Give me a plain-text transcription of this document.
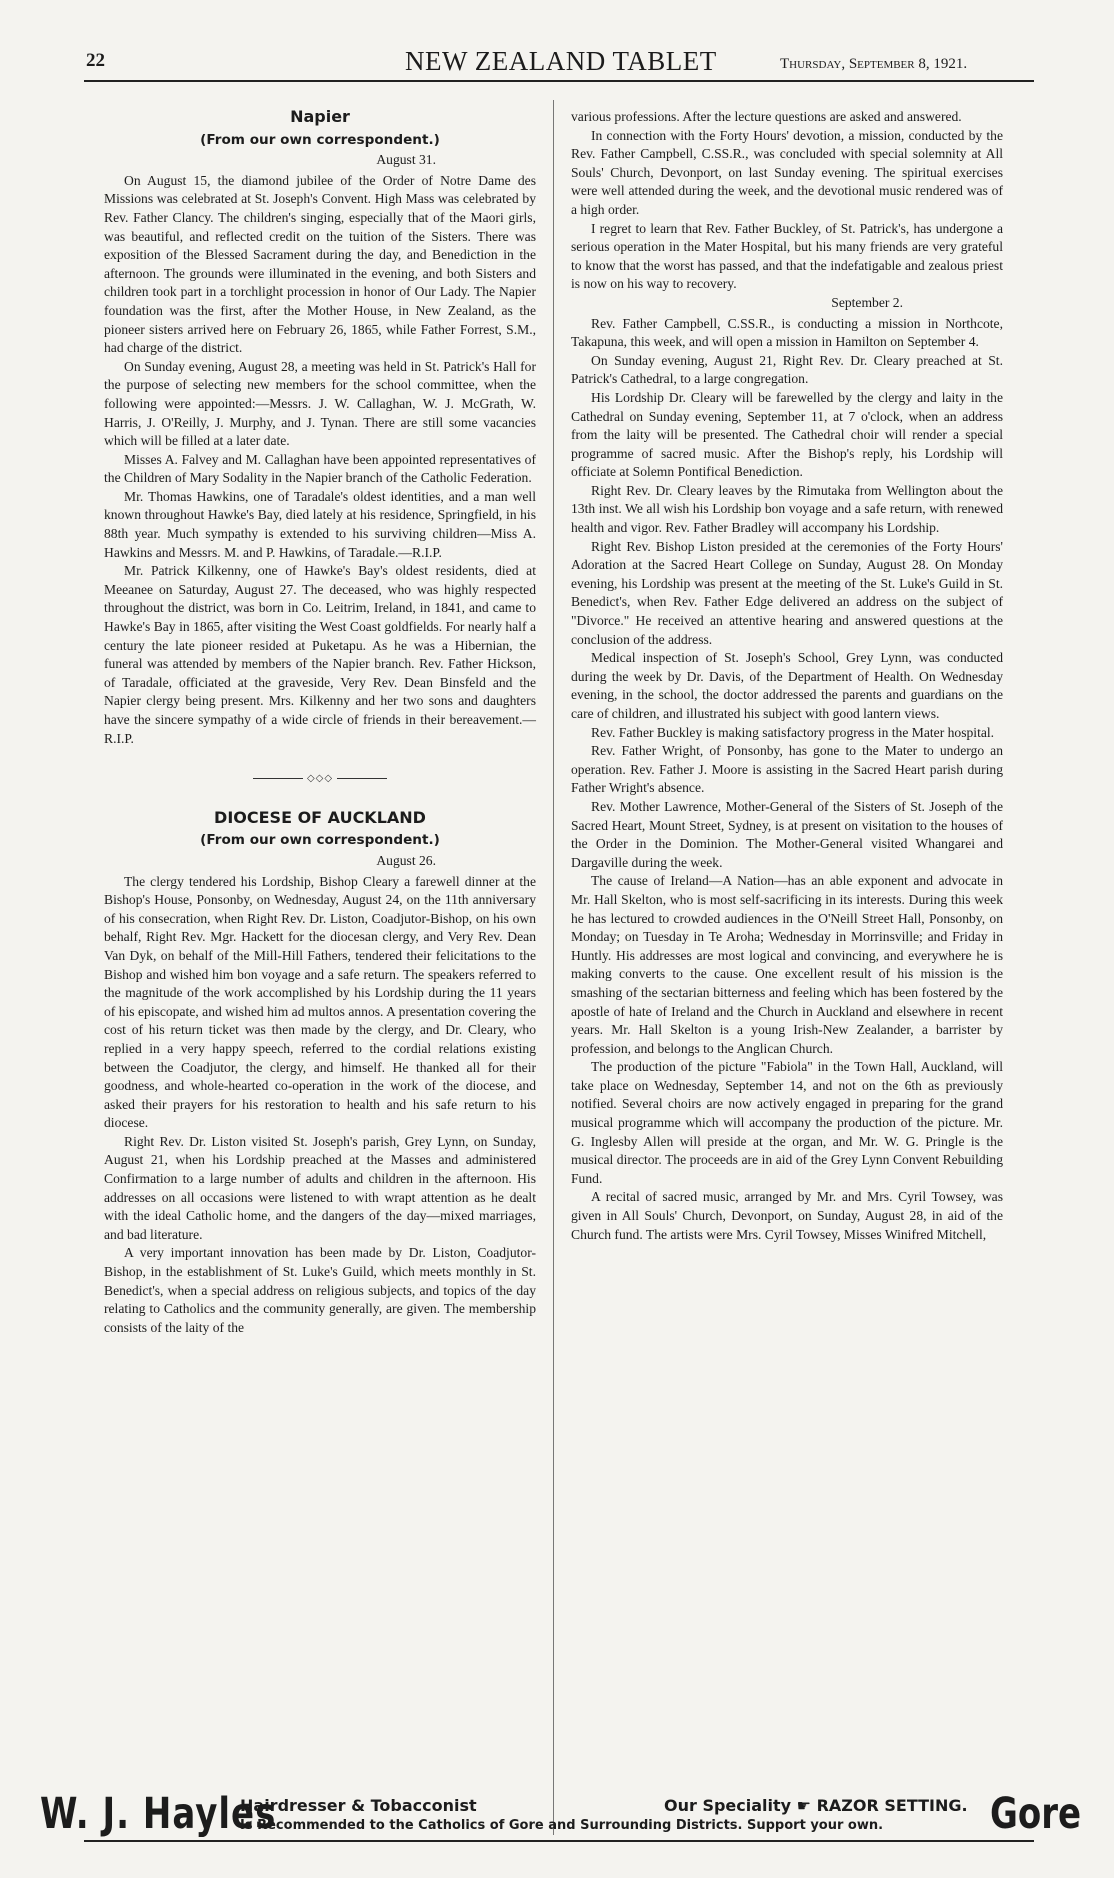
22	NEW ZEALAND TABLET	Thursday, September 8, 1921.
Napier
(From our own correspondent.)
August 31.

On August 15, the diamond jubilee of the Order of Notre Dame des Missions was celebrated at St. Joseph's Convent. High Mass was celebrated by Rev. Father Clancy. The children's singing, especially that of the Maori girls, was beautiful, and reflected credit on the tuition of the Sisters. There was exposition of the Blessed Sacrament during the day, and Benediction in the afternoon. The grounds were illuminated in the evening, and both Sisters and children took part in a torchlight procession in honor of Our Lady. The Napier foundation was the first, after the Mother House, in New Zealand, as the pioneer sisters arrived here on February 26, 1865, while Father Forrest, S.M., had charge of the district.

On Sunday evening, August 28, a meeting was held in St. Patrick's Hall for the purpose of selecting new members for the school committee, when the following were appointed:—Messrs. J. W. Callaghan, W. J. McGrath, W. Harris, J. O'Reilly, J. Murphy, and J. Tynan. There are still some vacancies which will be filled at a later date.

Misses A. Falvey and M. Callaghan have been appointed representatives of the Children of Mary Sodality in the Napier branch of the Catholic Federation.

Mr. Thomas Hawkins, one of Taradale's oldest identities, and a man well known throughout Hawke's Bay, died lately at his residence, Springfield, in his 88th year. Much sympathy is extended to his surviving children—Miss A. Hawkins and Messrs. M. and P. Hawkins, of Taradale.—R.I.P.

Mr. Patrick Kilkenny, one of Hawke's Bay's oldest residents, died at Meeanee on Saturday, August 27. The deceased, who was highly respected throughout the district, was born in Co. Leitrim, Ireland, in 1841, and came to Hawke's Bay in 1865, after visiting the West Coast goldfields. For nearly half a century the late pioneer resided at Puketapu. As he was a Hibernian, the funeral was attended by members of the Napier branch. Rev. Father Hickson, of Taradale, officiated at the graveside, Very Rev. Dean Binsfeld and the Napier clergy being present. Mrs. Kilkenny and her two sons and daughters have the sincere sympathy of a wide circle of friends in their bereavement.—R.I.P.

◇◇◇
DIOCESE OF AUCKLAND
(From our own correspondent.)
August 26.

The clergy tendered his Lordship, Bishop Cleary a farewell dinner at the Bishop's House, Ponsonby, on Wednesday, August 24, on the 11th anniversary of his consecration, when Right Rev. Dr. Liston, Coadjutor-Bishop, on his own behalf, Right Rev. Mgr. Hackett for the diocesan clergy, and Very Rev. Dean Van Dyk, on behalf of the Mill-Hill Fathers, tendered their felicitations to the Bishop and wished him bon voyage and a safe return. The speakers referred to the magnitude of the work accomplished by his Lordship during the 11 years of his episcopate, and wished him ad multos annos. A presentation covering the cost of his return ticket was then made by the clergy, and Dr. Cleary, who replied in a very happy speech, referred to the cordial relations existing between the Coadjutor, the clergy, and himself. He thanked all for their goodness, and whole-hearted co-operation in the work of the diocese, and asked their prayers for his restoration to health and his safe return to his diocese.

Right Rev. Dr. Liston visited St. Joseph's parish, Grey Lynn, on Sunday, August 21, when his Lordship preached at the Masses and administered Confirmation to a large number of adults and children in the afternoon. His addresses on all occasions were listened to with wrapt attention as he dealt with the ideal Catholic home, and the dangers of the day—mixed marriages, and bad literature.

A very important innovation has been made by Dr. Liston, Coadjutor-Bishop, in the establishment of St. Luke's Guild, which meets monthly in St. Benedict's, when a special address on religious subjects, and topics of the day relating to Catholics and the community generally, are given. The membership consists of the laity of the

various professions. After the lecture questions are asked and answered.

In connection with the Forty Hours' devotion, a mission, conducted by the Rev. Father Campbell, C.SS.R., was concluded with special solemnity at All Souls' Church, Devonport, on last Sunday evening. The spiritual exercises were well attended during the week, and the devotional music rendered was of a high order.

I regret to learn that Rev. Father Buckley, of St. Patrick's, has undergone a serious operation in the Mater Hospital, but his many friends are very grateful to know that the worst has passed, and that the indefatigable and zealous priest is now on his way to recovery.

September 2.

Rev. Father Campbell, C.SS.R., is conducting a mission in Northcote, Takapuna, this week, and will open a mission in Hamilton on September 4.

On Sunday evening, August 21, Right Rev. Dr. Cleary preached at St. Patrick's Cathedral, to a large congregation.

His Lordship Dr. Cleary will be farewelled by the clergy and laity in the Cathedral on Sunday evening, September 11, at 7 o'clock, when an address from the laity will be presented. The Cathedral choir will render a special programme of sacred music. After the Bishop's reply, his Lordship will officiate at Solemn Pontifical Benediction.

Right Rev. Dr. Cleary leaves by the Rimutaka from Wellington about the 13th inst. We all wish his Lordship bon voyage and a safe return, with renewed health and vigor. Rev. Father Bradley will accompany his Lordship.

Right Rev. Bishop Liston presided at the ceremonies of the Forty Hours' Adoration at the Sacred Heart College on Sunday, August 28. On Monday evening, his Lordship was present at the meeting of the St. Luke's Guild in St. Benedict's, when Rev. Father Edge delivered an address on the subject of "Divorce." He received an attentive hearing and answered questions at the conclusion of the address.

Medical inspection of St. Joseph's School, Grey Lynn, was conducted during the week by Dr. Davis, of the Department of Health. On Wednesday evening, in the school, the doctor addressed the parents and guardians on the care of children, and illustrated his subject with good lantern views.

Rev. Father Buckley is making satisfactory progress in the Mater hospital.

Rev. Father Wright, of Ponsonby, has gone to the Mater to undergo an operation. Rev. Father J. Moore is assisting in the Sacred Heart parish during Father Wright's absence.

Rev. Mother Lawrence, Mother-General of the Sisters of St. Joseph of the Sacred Heart, Mount Street, Sydney, is at present on visitation to the houses of the Order in the Dominion. The Mother-General visited Whangarei and Dargaville during the week.

The cause of Ireland—A Nation—has an able exponent and advocate in Mr. Hall Skelton, who is most self-sacrificing in its interests. During this week he has lectured to crowded audiences in the O'Neill Street Hall, Ponsonby, on Monday; on Tuesday in Te Aroha; Wednesday in Morrinsville; and Friday in Huntly. His addresses are most logical and convincing, and everywhere he is making converts to the cause. One excellent result of his mission is the smashing of the sectarian bitterness and feeling which has been fostered by the apostle of hate of Ireland and the Church in Auckland and elsewhere in recent years. Mr. Hall Skelton is a young Irish-New Zealander, a barrister by profession, and belongs to the Anglican Church.

The production of the picture "Fabiola" in the Town Hall, Auckland, will take place on Wednesday, September 14, and not on the 6th as previously notified. Several choirs are now actively engaged in preparing for the grand musical programme which will accompany the production of the picture. Mr. G. Inglesby Allen will preside at the organ, and Mr. W. G. Pringle is the musical director. The proceeds are in aid of the Grey Lynn Convent Rebuilding Fund.

A recital of sacred music, arranged by Mr. and Mrs. Cyril Towsey, was given in All Souls' Church, Devonport, on Sunday, August 28, in aid of the Church fund. The artists were Mrs. Cyril Towsey, Misses Winifred Mitchell,

W. J. Hayles
Hairdresser & Tobacconist
Is Recommended to the Catholics of Gore and Surrounding Districts. Support your own.
Our Speciality ☛ RAZOR SETTING. Gore
